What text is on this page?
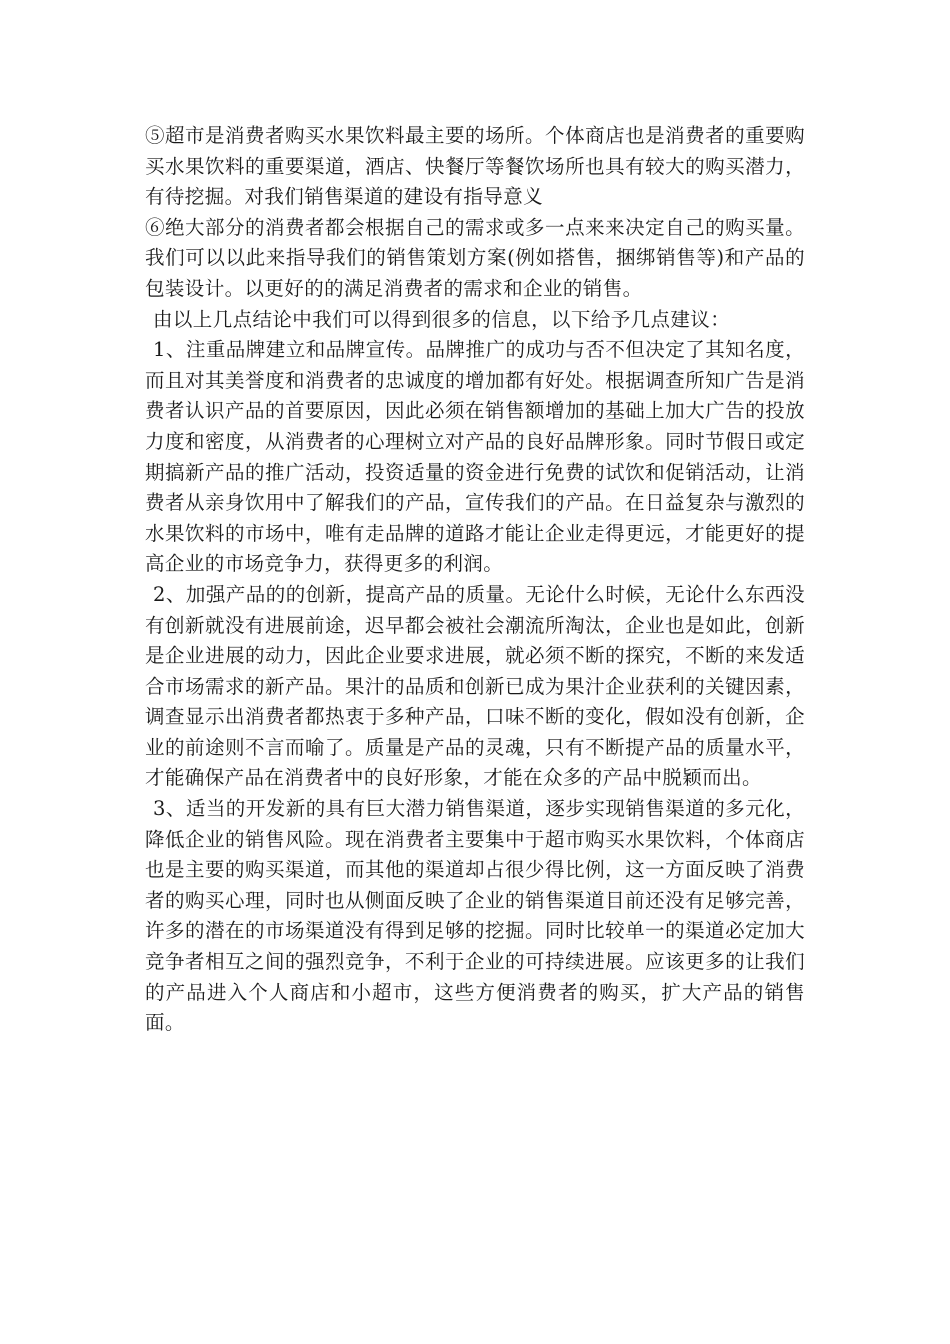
⑤超市是消费者购买水果饮料最主要的场所。个体商店也是消费者的重要购买水果饮料的重要渠道，酒店、快餐厅等餐饮场所也具有较大的购买潜力，有待挖掘。对我们销售渠道的建设有指导意义

⑥绝大部分的消费者都会根据自己的需求或多一点来来决定自己的购买量。我们可以以此来指导我们的销售策划方案(例如搭售，捆绑销售等)和产品的包装设计。以更好的的满足消费者的需求和企业的销售。

由以上几点结论中我们可以得到很多的信息，以下给予几点建议：

1、注重品牌建立和品牌宣传。品牌推广的成功与否不但决定了其知名度，而且对其美誉度和消费者的忠诚度的增加都有好处。根据调查所知广告是消费者认识产品的首要原因，因此必须在销售额增加的基础上加大广告的投放力度和密度，从消费者的心理树立对产品的良好品牌形象。同时节假日或定期搞新产品的推广活动，投资适量的资金进行免费的试饮和促销活动，让消费者从亲身饮用中了解我们的产品，宣传我们的产品。在日益复杂与激烈的水果饮料的市场中，唯有走品牌的道路才能让企业走得更远，才能更好的提高企业的市场竞争力，获得更多的利润。

2、加强产品的的创新，提高产品的质量。无论什么时候，无论什么东西没有创新就没有进展前途，迟早都会被社会潮流所淘汰，企业也是如此，创新是企业进展的动力，因此企业要求进展，就必须不断的探究，不断的来发适合市场需求的新产品。果汁的品质和创新已成为果汁企业获利的关键因素，调查显示出消费者都热衷于多种产品，口味不断的变化，假如没有创新，企业的前途则不言而喻了。质量是产品的灵魂，只有不断提产品的质量水平，才能确保产品在消费者中的良好形象，才能在众多的产品中脱颖而出。

3、适当的开发新的具有巨大潜力销售渠道，逐步实现销售渠道的多元化，降低企业的销售风险。现在消费者主要集中于超市购买水果饮料，个体商店也是主要的购买渠道，而其他的渠道却占很少得比例，这一方面反映了消费者的购买心理，同时也从侧面反映了企业的销售渠道目前还没有足够完善，许多的潜在的市场渠道没有得到足够的挖掘。同时比较单一的渠道必定加大竞争者相互之间的强烈竞争，不利于企业的可持续进展。应该更多的让我们的产品进入个人商店和小超市，这些方便消费者的购买，扩大产品的销售面。
